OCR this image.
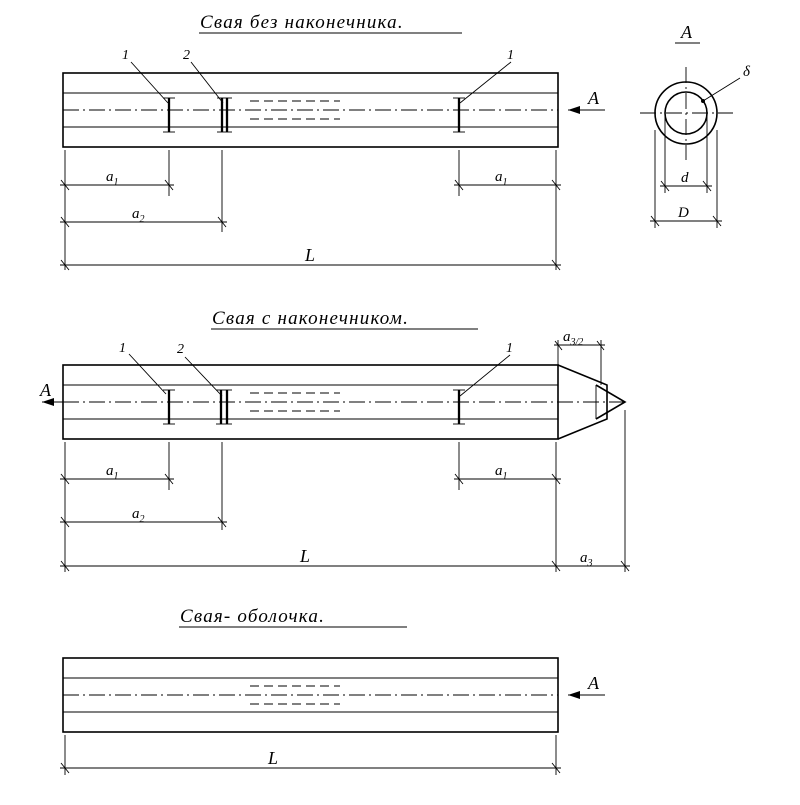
Свая без наконечника.	А
δ
d
D
1	2	1
А
$a_1$
$a_2$
$a_1$
L
Свая с наконечником.
1	2	1
А
$a_{3/2}$
$a_1$
$a_2$
$a_1$
L	$a_3$
Свая- оболочка.
А
L
